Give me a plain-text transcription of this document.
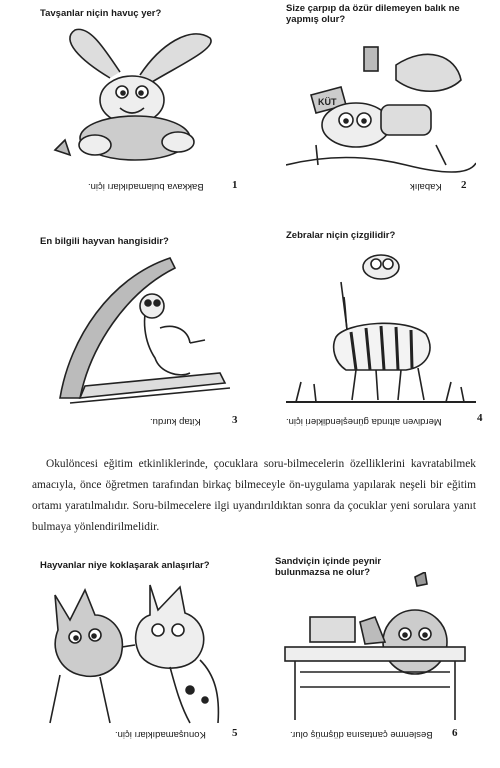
Tavşanlar niçin havuç yer?
Bakkava bulamadıkları için.	1
Size çarpıp da özür dilemeyen balık ne yapmış olur?
KÜT
Kabalık 2
En bilgili hayvan hangisidir?
Kitap kurdu.	3
Zebralar niçin çizgilidir?
Merdiven altında güneşlendikleri için.	4
Okulöncesi eğitim etkinliklerinde, çocuklara soru-bilmecelerin özelliklerini kavratabilmek amacıyla, önce öğretmen tarafından birkaç bilmeceyle ön-uygulama yapılarak neşeli bir eğitim ortamı yaratılmalıdır. Soru-bilmecelere ilgi uyandırıldıktan sonra da çocuklar yeni sorulara yanıt bulmaya yönlendirilmelidir.
Hayvanlar niye koklaşarak anlaşırlar?
Konuşamadıkları için. 5
Sandviçin içinde peynir bulunmazsa ne olur?
Beslenme çantasına düşmüş olur. 6
